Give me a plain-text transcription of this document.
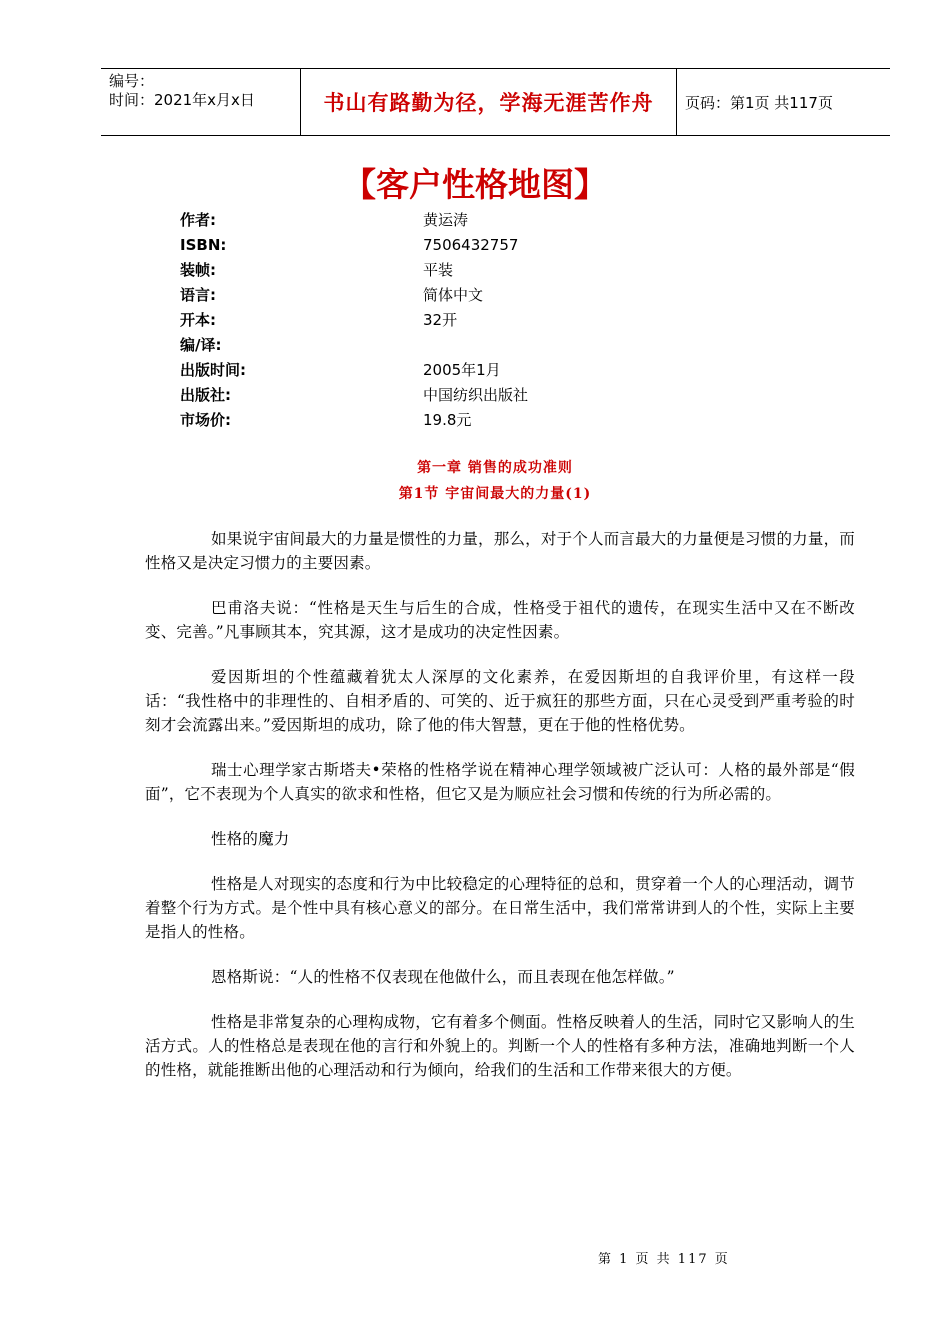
编号：
时间：2021年x月x日	书山有路勤为径，学海无涯苦作舟 页码：第1页 共117页
【客户性格地图】
作者:	黄运涛
ISBN:	7506432757
装帧:	平装
语言:	简体中文
开本:	32开
编/译:
出版时间:	2005年1月
出版社:	中国纺织出版社
市场价:	19.8元
第一章 销售的成功准则
第1节 宇宙间最大的力量(1)

如果说宇宙间最大的力量是惯性的力量，那么，对于个人而言最大的力量便是习惯的力量，而性格又是决定习惯力的主要因素。

巴甫洛夫说：“性格是天生与后生的合成，性格受于祖代的遗传，在现实生活中又在不断改变、完善。”凡事顾其本，究其源，这才是成功的决定性因素。

爱因斯坦的个性蕴藏着犹太人深厚的文化素养，在爱因斯坦的自我评价里，有这样一段话：“我性格中的非理性的、自相矛盾的、可笑的、近于疯狂的那些方面，只在心灵受到严重考验的时刻才会流露出来。”爱因斯坦的成功，除了他的伟大智慧，更在于他的性格优势。

瑞士心理学家古斯塔夫•荣格的性格学说在精神心理学领域被广泛认可：人格的最外部是“假面”，它不表现为个人真实的欲求和性格，但它又是为顺应社会习惯和传统的行为所必需的。

性格的魔力

性格是人对现实的态度和行为中比较稳定的心理特征的总和，贯穿着一个人的心理活动，调节着整个行为方式。是个性中具有核心意义的部分。在日常生活中，我们常常讲到人的个性，实际上主要是指人的性格。

恩格斯说：“人的性格不仅表现在他做什么，而且表现在他怎样做。”

性格是非常复杂的心理构成物，它有着多个侧面。性格反映着人的生活，同时它又影响人的生活方式。人的性格总是表现在他的言行和外貌上的。判断一个人的性格有多种方法，准确地判断一个人的性格，就能推断出他的心理活动和行为倾向，给我们的生活和工作带来很大的方便。

第 1 页 共 117 页
